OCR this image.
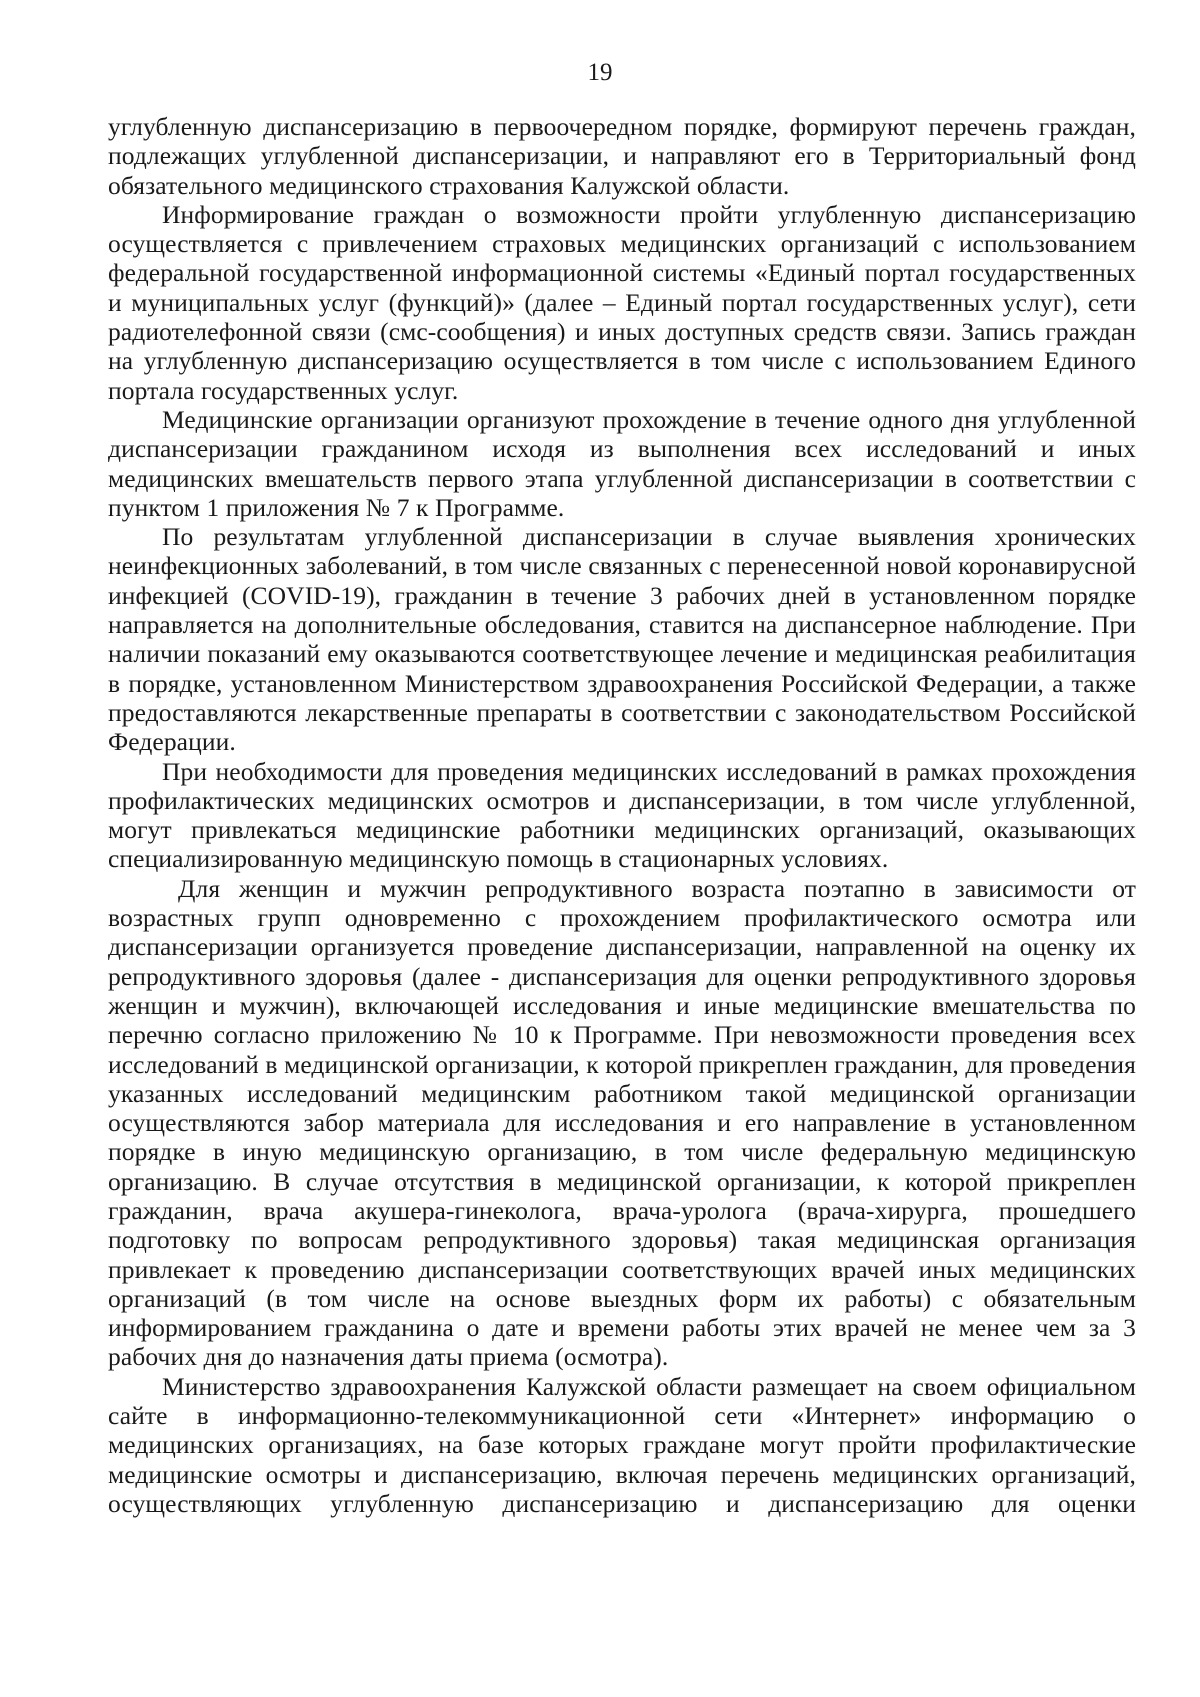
19

углубленную диспансеризацию в первоочередном порядке, формируют перечень граждан, подлежащих углубленной диспансеризации, и направляют его в Территориальный фонд обязательного медицинского страхования Калужской области.

Информирование граждан о возможности пройти углубленную диспансеризацию осуществляется с привлечением страховых медицинских организаций с использованием федеральной государственной информационной системы «Единый портал государственных и муниципальных услуг (функций)» (далее – Единый портал государственных услуг), сети радиотелефонной связи (смс-сообщения) и иных доступных средств связи. Запись граждан на углубленную диспансеризацию осуществляется в том числе с использованием Единого портала государственных услуг.

Медицинские организации организуют прохождение в течение одного дня углубленной диспансеризации гражданином исходя из выполнения всех исследований и иных медицинских вмешательств первого этапа углубленной диспансеризации в соответствии с пунктом 1 приложения № 7 к Программе.

По результатам углубленной диспансеризации в случае выявления хронических неинфекционных заболеваний, в том числе связанных с перенесенной новой коронавирусной инфекцией (COVID-19), гражданин в течение 3 рабочих дней в установленном порядке направляется на дополнительные обследования, ставится на диспансерное наблюдение. При наличии показаний ему оказываются соответствующее лечение и медицинская реабилитация в порядке, установленном Министерством здравоохранения Российской Федерации, а также предоставляются лекарственные препараты в соответствии с законодательством Российской Федерации.

При необходимости для проведения медицинских исследований в рамках прохождения профилактических медицинских осмотров и диспансеризации, в том числе углубленной, могут привлекаться медицинские работники медицинских организаций, оказывающих специализированную медицинскую помощь в стационарных условиях.

Для женщин и мужчин репродуктивного возраста поэтапно в зависимости от возрастных групп одновременно с прохождением профилактического осмотра или диспансеризации организуется проведение диспансеризации, направленной на оценку их репродуктивного здоровья (далее - диспансеризация для оценки репродуктивного здоровья женщин и мужчин), включающей исследования и иные медицинские вмешательства по перечню согласно приложению № 10 к Программе. При невозможности проведения всех исследований в медицинской организации, к которой прикреплен гражданин, для проведения указанных исследований медицинским работником такой медицинской организации осуществляются забор материала для исследования и его направление в установленном порядке в иную медицинскую организацию, в том числе федеральную медицинскую организацию. В случае отсутствия в медицинской организации, к которой прикреплен гражданин, врача акушера-гинеколога, врача-уролога (врача-хирурга, прошедшего подготовку по вопросам репродуктивного здоровья) такая медицинская организация привлекает к проведению диспансеризации соответствующих врачей иных медицинских организаций (в том числе на основе выездных форм их работы) с обязательным информированием гражданина о дате и времени работы этих врачей не менее чем за 3 рабочих дня до назначения даты приема (осмотра).

Министерство здравоохранения Калужской области размещает на своем официальном сайте в информационно-телекоммуникационной сети «Интернет» информацию о медицинских организациях, на базе которых граждане могут пройти профилактические медицинские осмотры и диспансеризацию, включая перечень медицинских организаций, осуществляющих углубленную диспансеризацию и диспансеризацию для оценки
